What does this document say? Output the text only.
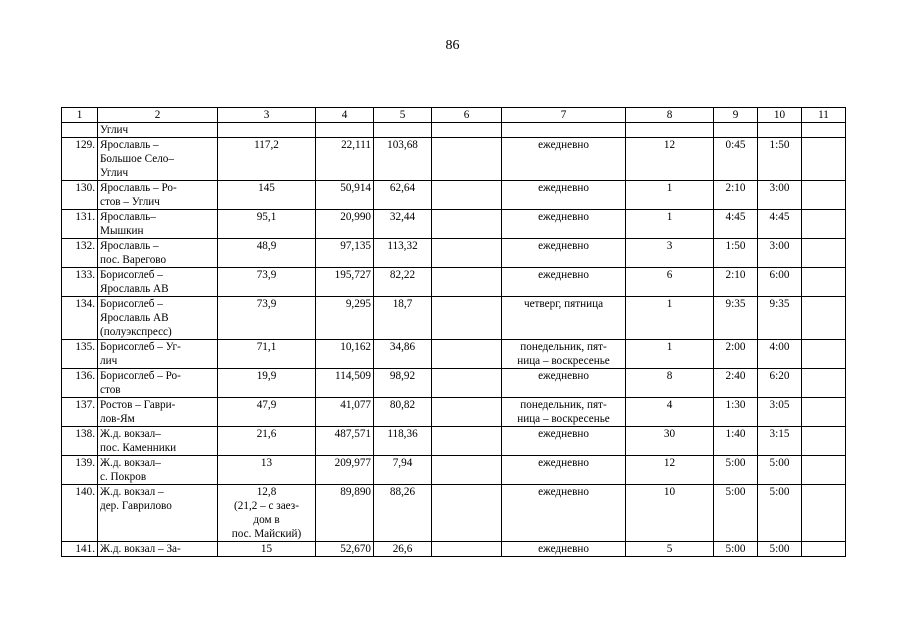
86
1	2	3	4	5	6	7	8	9	10	11
	Углич									
129.	Ярославль –
Большое Село–
Углич	117,2	22,111	103,68		ежедневно	12	0:45	1:50	
130.	Ярославль – Ро-
стов – Углич	145	50,914	62,64		ежедневно	1	2:10	3:00	
131.	Ярославль–
Мышкин	95,1	20,990	32,44		ежедневно	1	4:45	4:45	
132.	Ярославль –
пос. Варегово	48,9	97,135	113,32		ежедневно	3	1:50	3:00	
133.	Борисоглеб –
Ярославль АВ	73,9	195,727	82,22		ежедневно	6	2:10	6:00	
134.	Борисоглеб –
Ярославль АВ
(полуэкспресс)	73,9	9,295	18,7		четверг, пятница	1	9:35	9:35	
135.	Борисоглеб – Уг-
лич	71,1	10,162	34,86		понедельник, пят-
ница – воскресенье	1	2:00	4:00	
136.	Борисоглеб – Ро-
стов	19,9	114,509	98,92		ежедневно	8	2:40	6:20	
137.	Ростов – Гаври-
лов-Ям	47,9	41,077	80,82		понедельник, пят-
ница – воскресенье	4	1:30	3:05	
138.	Ж.д. вокзал–
пос. Каменники	21,6	487,571	118,36		ежедневно	30	1:40	3:15	
139.	Ж.д. вокзал–
с. Покров	13	209,977	7,94		ежедневно	12	5:00	5:00	
140.	Ж.д. вокзал –
дер. Гаврилово	12,8
(21,2 – с заез-
дом в
пос. Майский)	89,890	88,26		ежедневно	10	5:00	5:00	
141.	Ж.д. вокзал – За-	15	52,670	26,6		ежедневно	5	5:00	5:00	
